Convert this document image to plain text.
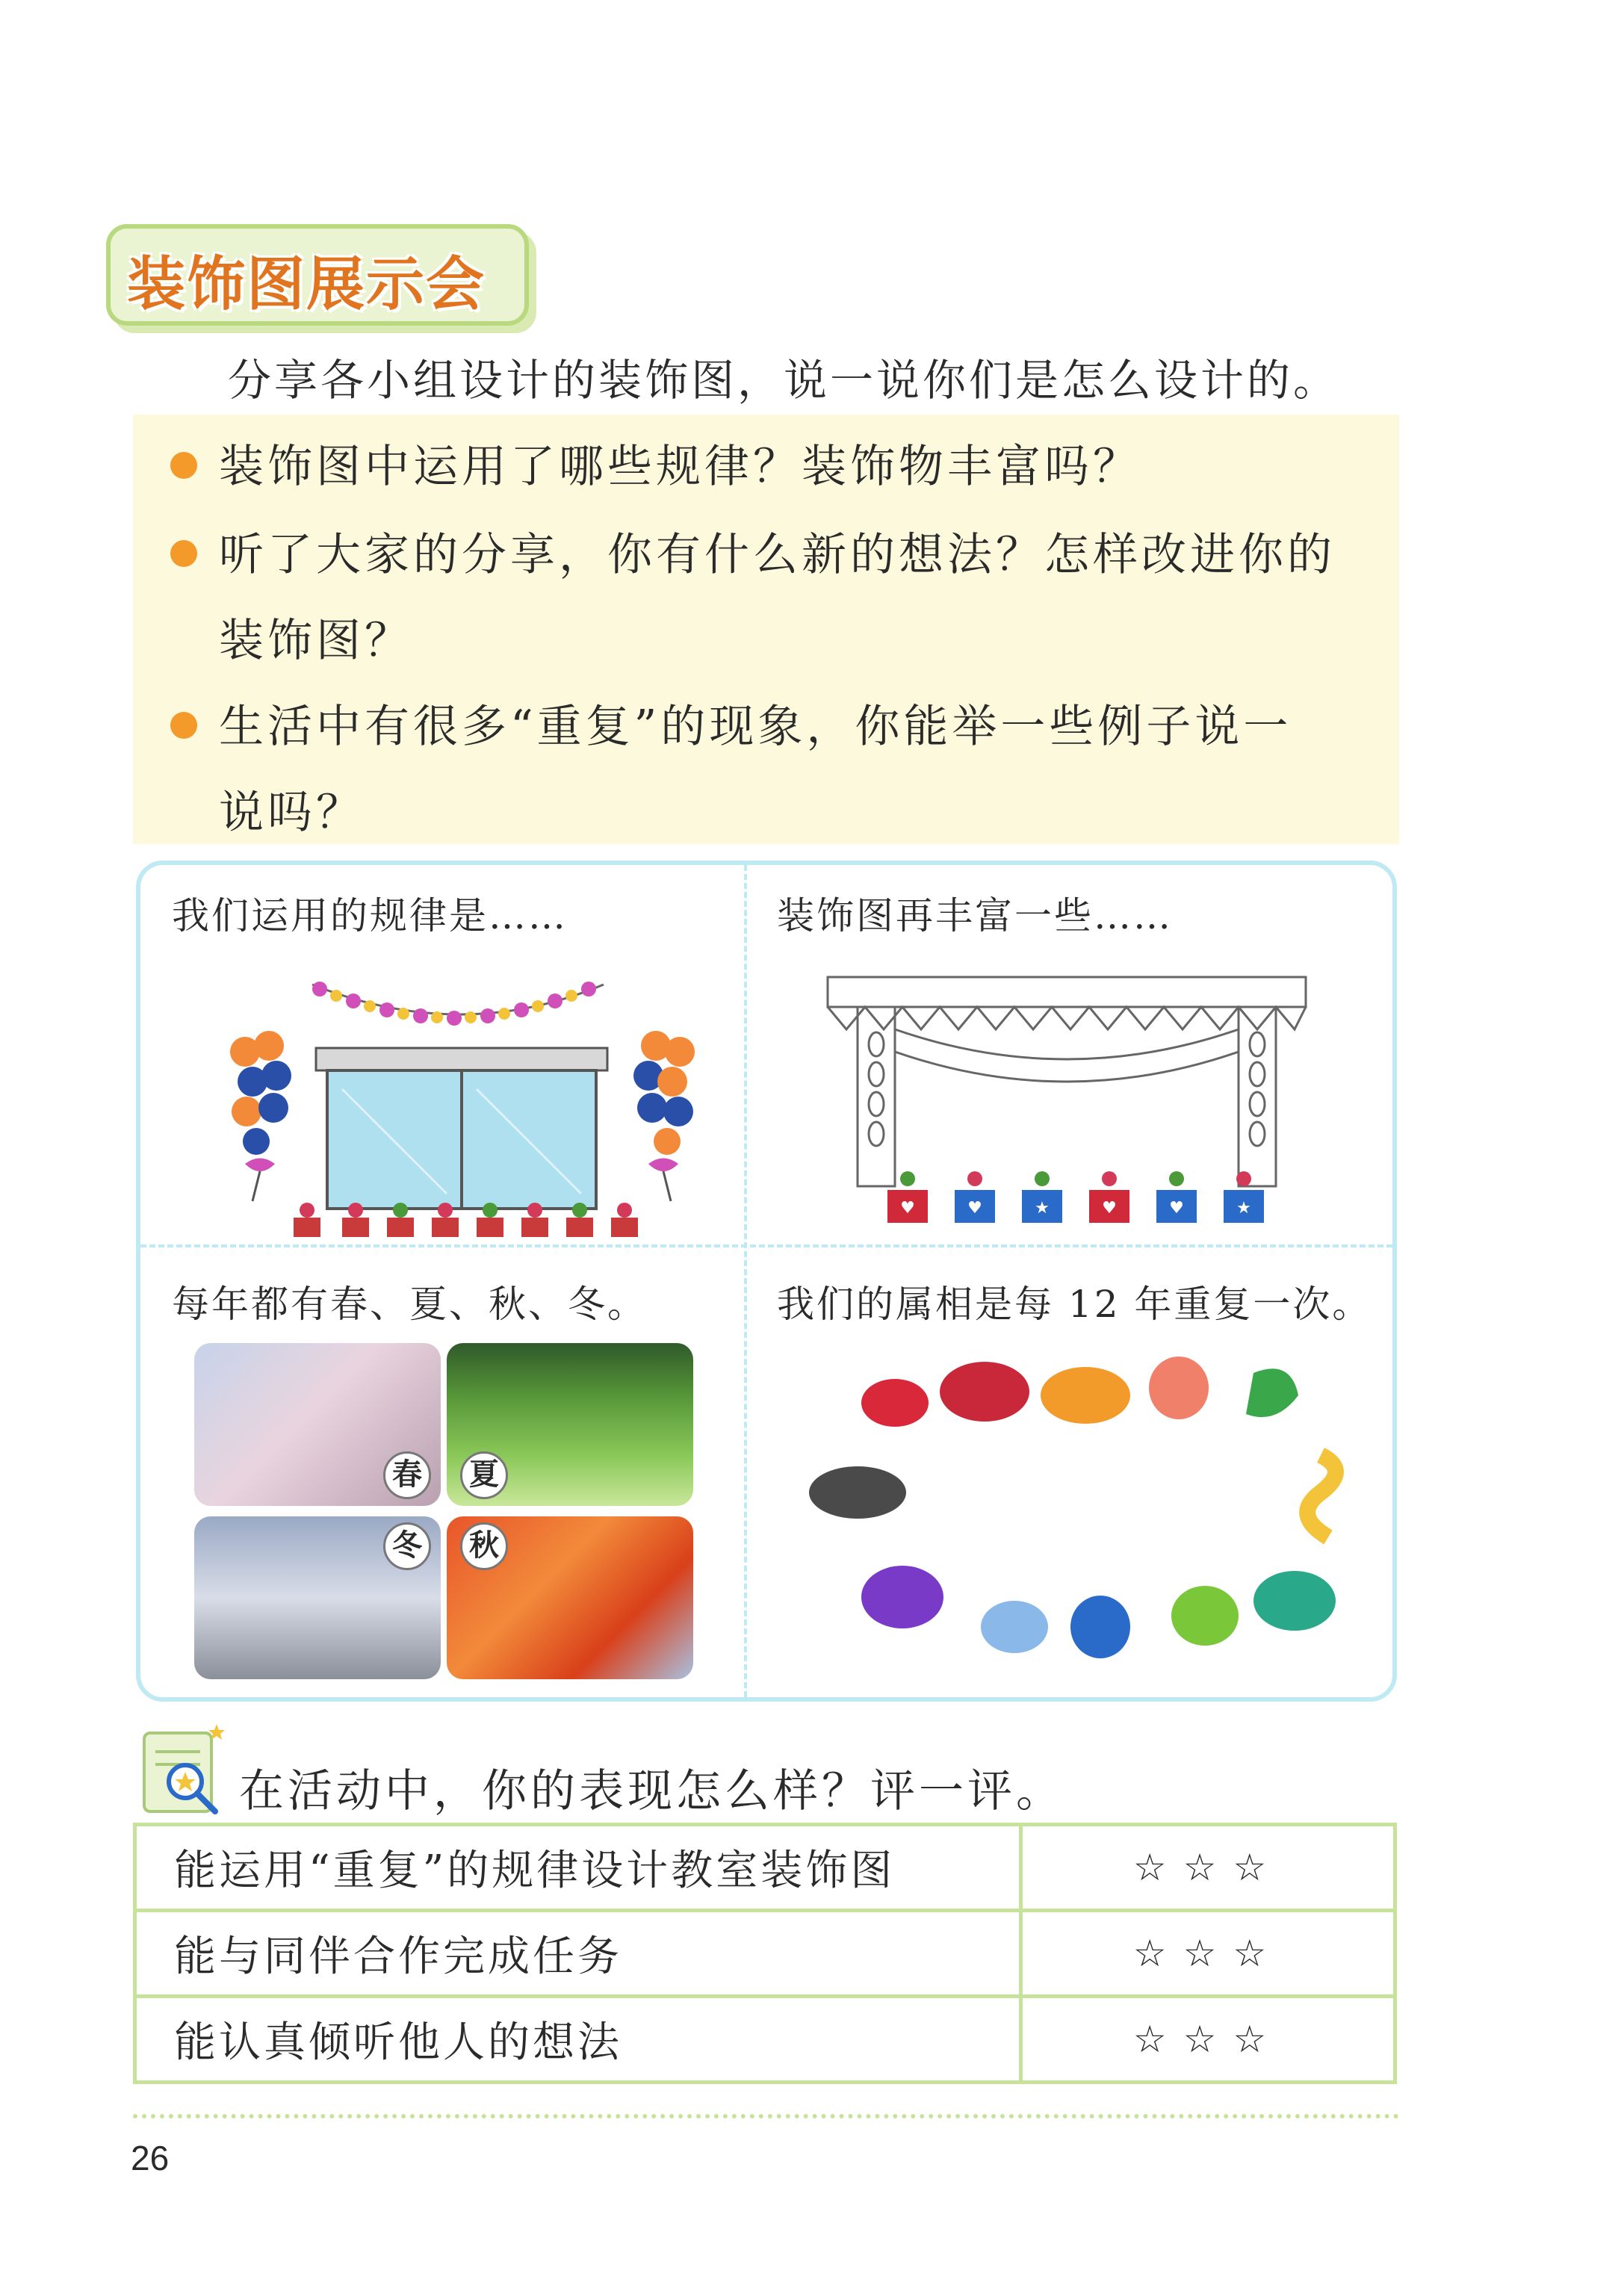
装饰图展示会
分享各小组设计的装饰图，说一说你们是怎么设计的。
装饰图中运用了哪些规律？装饰物丰富吗？
听了大家的分享，你有什么新的想法？怎样改进你的
装饰图？
生活中有很多“重复”的现象，你能举一些例子说一
说吗？
我们运用的规律是……	装饰图再丰富一些……
♥	♥	★	♥	♥	★
每年都有春、夏、秋、冬。
春	夏
冬	秋
我们的属相是每 12 年重复一次。
在活动中，你的表现怎么样？评一评。
能运用“重复”的规律设计教室装饰图	☆☆☆
能与同伴合作完成任务	☆☆☆
能认真倾听他人的想法	☆☆☆
26
